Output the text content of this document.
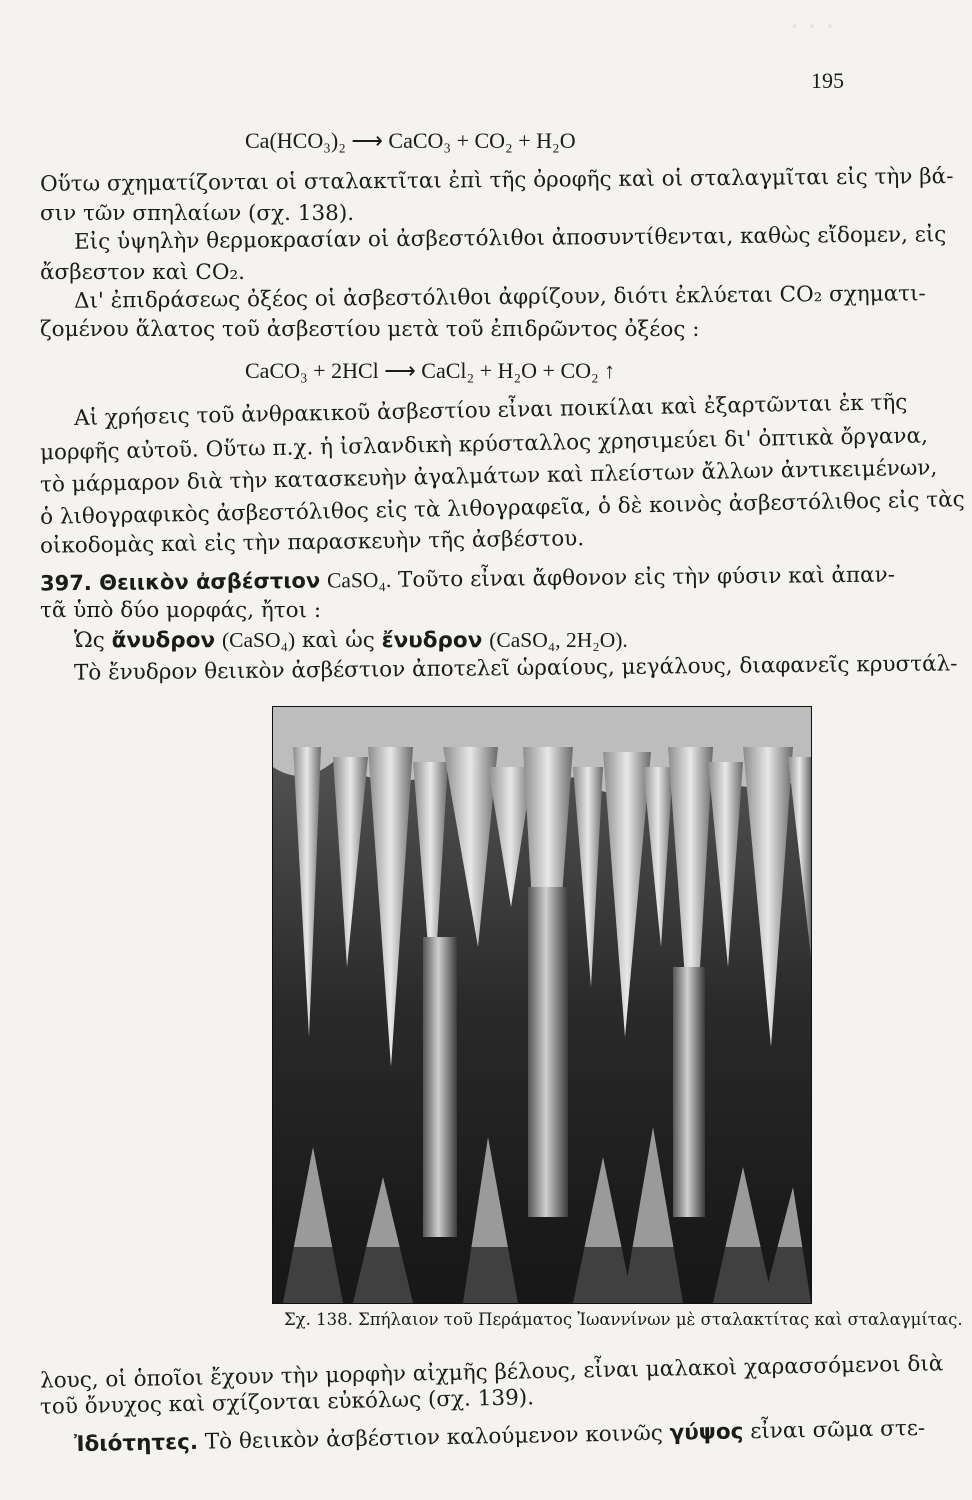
· · ·
195
Ca(HCO₃)₂ ⟶ CaCO₃ + CO₂ + H₂O
Οὕτω σχηματίζονται οἱ σταλακτῖται ἐπὶ τῆς ὀροφῆς καὶ οἱ σταλαγμῖται εἰς τὴν βά-
σιν τῶν σπηλαίων (σχ. 138).
Εἰς ὑψηλὴν θερμοκρασίαν οἱ ἀσβεστόλιθοι ἀποσυντίθενται, καθὼς εἴδομεν, εἰς
ἄσβεστον καὶ CO₂.
Δι' ἐπιδράσεως ὀξέος οἱ ἀσβεστόλιθοι ἀφρίζουν, διότι ἐκλύεται CO₂ σχηματι-
ζομένου ἅλατος τοῦ ἀσβεστίου μετὰ τοῦ ἐπιδρῶντος ὀξέος :
CaCO₃ + 2HCl ⟶ CaCl₂ + H₂O + CO₂ ↑
Αἱ χρήσεις τοῦ ἀνθρακικοῦ ἀσβεστίου εἶναι ποικίλαι καὶ ἐξαρτῶνται ἐκ τῆς
μορφῆς αὐτοῦ. Οὕτω π.χ. ἡ ἰσλανδικὴ κρύσταλλος χρησιμεύει δι' ὀπτικὰ ὄργανα,
τὸ μάρμαρον διὰ τὴν κατασκευὴν ἀγαλμάτων καὶ πλείστων ἄλλων ἀντικειμένων,
ὁ λιθογραφικὸς ἀσβεστόλιθος εἰς τὰ λιθογραφεῖα, ὁ δὲ κοινὸς ἀσβεστόλιθος εἰς τὰς
οἰκοδομὰς καὶ εἰς τὴν παρασκευὴν τῆς ἀσβέστου.
397. Θειικὸν ἀσβέστιον CaSO₄. Τοῦτο εἶναι ἄφθονον εἰς τὴν φύσιν καὶ ἀπαν-
τᾶ ὑπὸ δύο μορφάς, ἤτοι :
Ὡς ἄνυδρον (CaSO₄) καὶ ὡς ἔνυδρον (CaSO₄, 2H₂O).
Τὸ ἔνυδρον θειικὸν ἀσβέστιον ἀποτελεῖ ὡραίους, μεγάλους, διαφανεῖς κρυστάλ-
Σχ. 138. Σπήλαιον τοῦ Περάματος Ἰωαννίνων μὲ σταλακτίτας καὶ σταλαγμίτας.
λους, οἱ ὁποῖοι ἔχουν τὴν μορφὴν αἰχμῆς βέλους, εἶναι μαλακοὶ χαρασσόμενοι διὰ
τοῦ ὄνυχος καὶ σχίζονται εὐκόλως (σχ. 139).
Ἰδιότητες. Τὸ θειικὸν ἀσβέστιον καλούμενον κοινῶς γύψος εἶναι σῶμα στε-
